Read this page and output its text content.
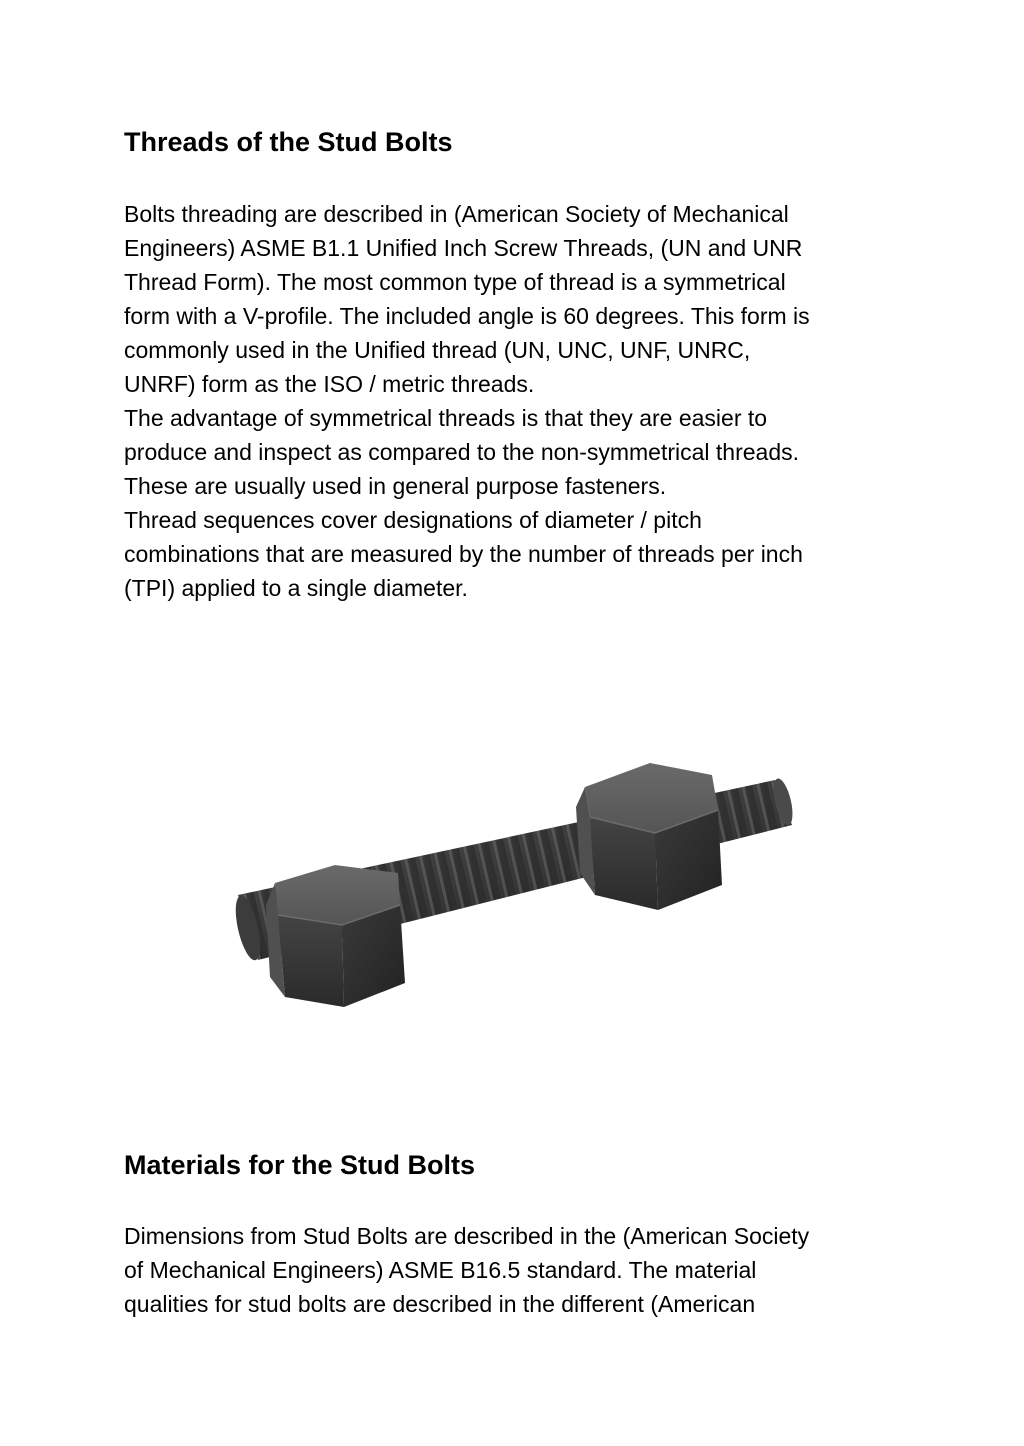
Threads of the Stud Bolts
Bolts threading are described in (American Society of Mechanical
Engineers) ASME B1.1 Unified Inch Screw Threads, (UN and UNR
Thread Form). The most common type of thread is a symmetrical
form with a V-profile. The included angle is 60 degrees. This form is
commonly used in the Unified thread (UN, UNC, UNF, UNRC,
UNRF) form as the ISO / metric threads.
The advantage of symmetrical threads is that they are easier to
produce and inspect as compared to the non-symmetrical threads.
These are usually used in general purpose fasteners.
Thread sequences cover designations of diameter / pitch
combinations that are measured by the number of threads per inch
(TPI) applied to a single diameter.
Materials for the Stud Bolts
Dimensions from Stud Bolts are described in the (American Society
of Mechanical Engineers) ASME B16.5 standard. The material
qualities for stud bolts are described in the different (American
